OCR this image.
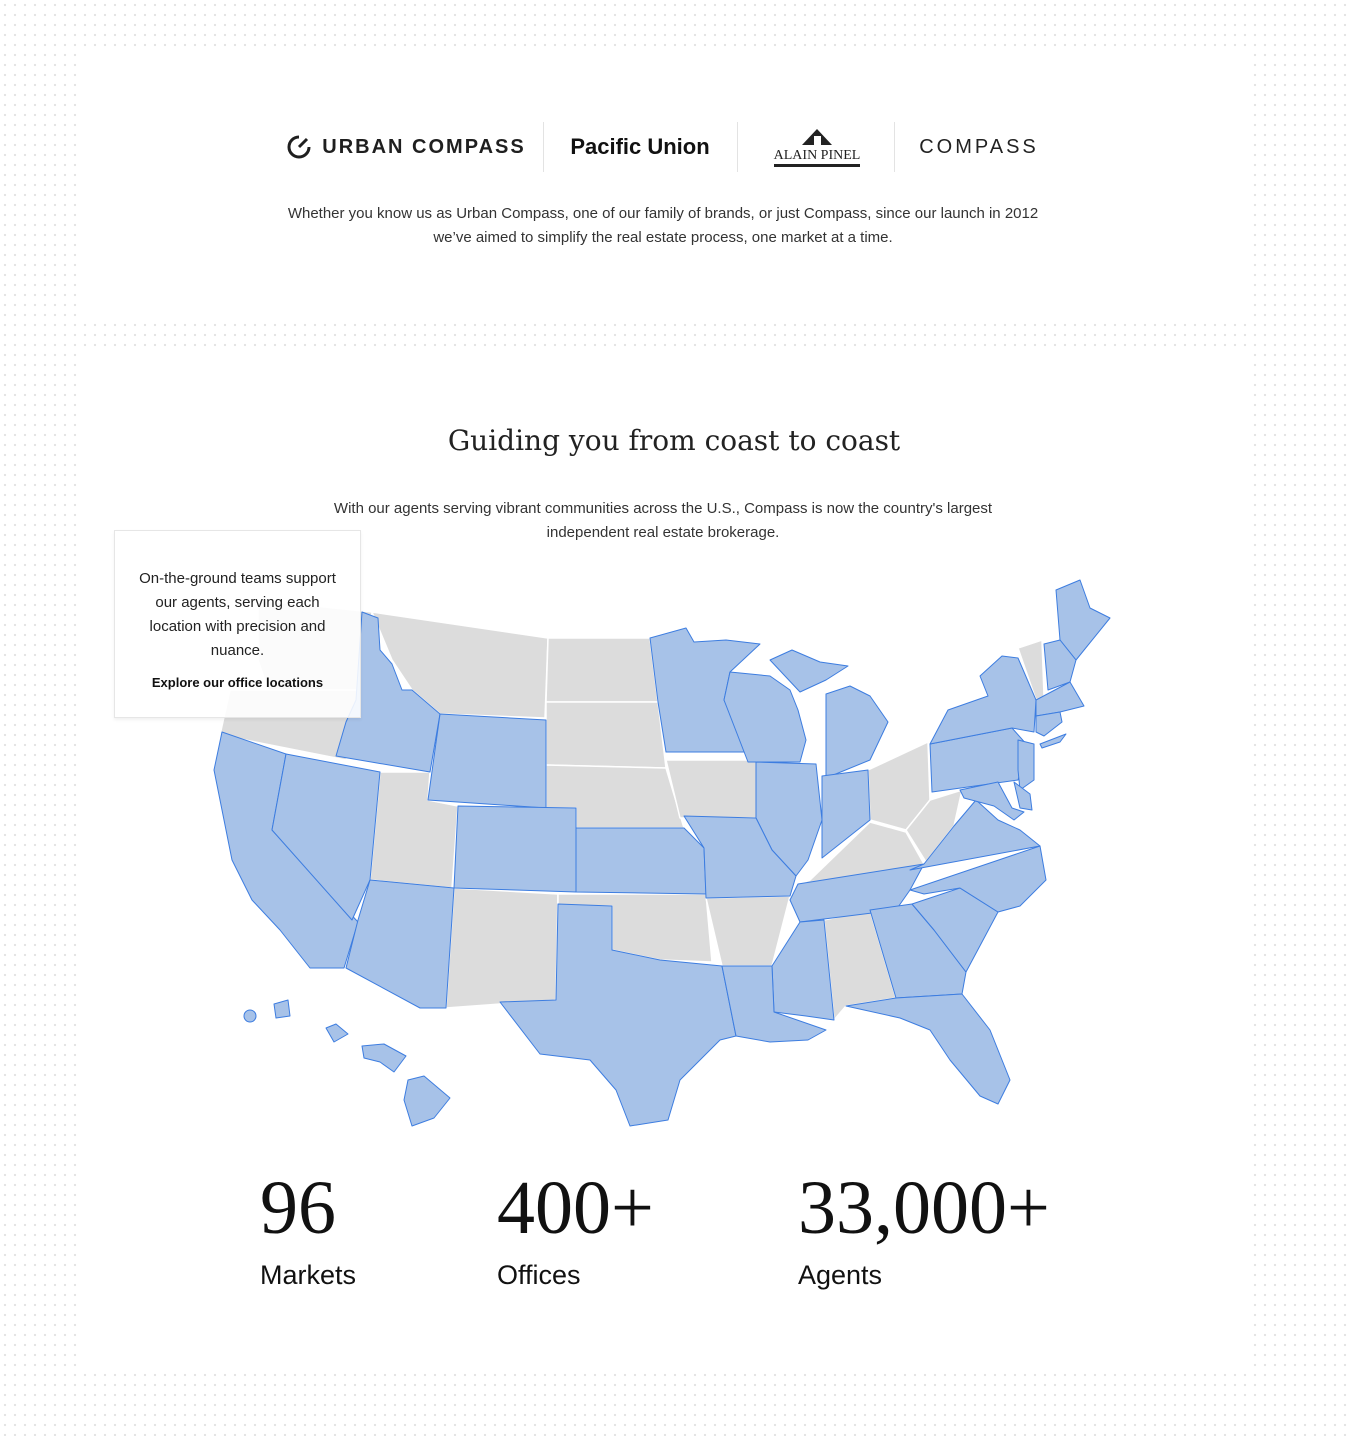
URBAN COMPASS Pacific Union	ALAIN PINEL	COMPASS
Whether you know us as Urban Compass, one of our family of brands, or just Compass, since our launch in 2012 we’ve aimed to simplify the real estate process, one market at a time.
Guiding you from coast to coast
With our agents serving vibrant communities across the U.S., Compass is now the country's largest independent real estate brokerage.
On-the-ground teams support our agents, serving each location with precision and nuance.
Explore our office locations
96
Markets
400+
Offices
33,000+
Agents
